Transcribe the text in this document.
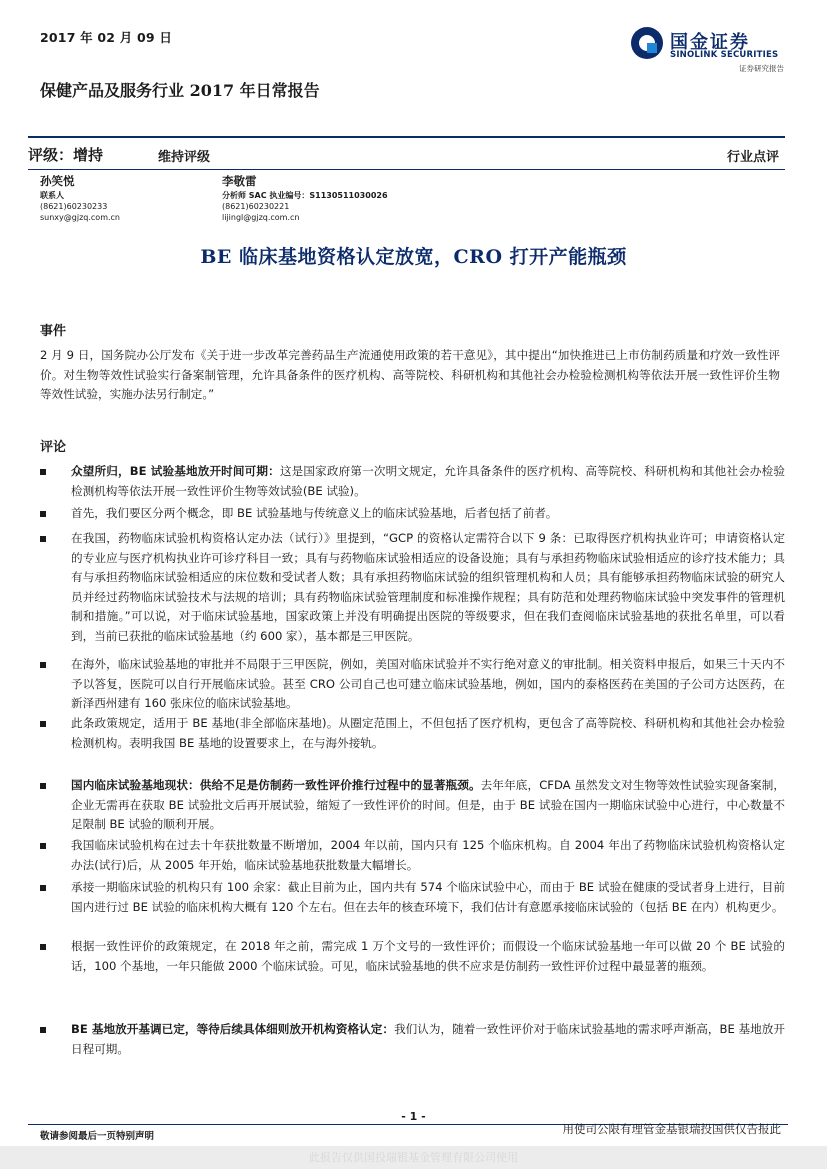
2017 年 02 月 09 日	国金证券
SINOLINK SECURITIES
证券研究报告
保健产品及服务行业 2017 年日常报告
评级：增持	维持评级	行业点评
孙笑悦
联系人
(8621)60230233
sunxy@gjzq.com.cn
李敬雷
分析师 SAC 执业编号：S1130511030026
(8621)60230221
lijingl@gjzq.com.cn
BE 临床基地资格认定放宽，CRO 打开产能瓶颈
事件
2 月 9 日，国务院办公厅发布《关于进一步改革完善药品生产流通使用政策的若干意见》，其中提出“加快推进已上市仿制药质量和疗效一致性评价。对生物等效性试验实行备案制管理，允许具备条件的医疗机构、高等院校、科研机构和其他社会办检验检测机构等依法开展一致性评价生物等效性试验，实施办法另行制定。”
评论
众望所归，BE 试验基地放开时间可期：这是国家政府第一次明文规定，允许具备条件的医疗机构、高等院校、科研机构和其他社会办检验检测机构等依法开展一致性评价生物等效试验(BE 试验)。
首先，我们要区分两个概念，即 BE 试验基地与传统意义上的临床试验基地，后者包括了前者。
在我国，药物临床试验机构资格认定办法（试行）》里提到，“GCP 的资格认定需符合以下 9 条：已取得医疗机构执业许可；申请资格认定的专业应与医疗机构执业许可诊疗科目一致；具有与药物临床试验相适应的设备设施；具有与承担药物临床试验相适应的诊疗技术能力；具有与承担药物临床试验相适应的床位数和受试者人数；具有承担药物临床试验的组织管理机构和人员；具有能够承担药物临床试验的研究人员并经过药物临床试验技术与法规的培训；具有药物临床试验管理制度和标准操作规程；具有防范和处理药物临床试验中突发事件的管理机制和措施。”可以说，对于临床试验基地，国家政策上并没有明确提出医院的等级要求，但在我们查阅临床试验基地的获批名单里，可以看到，当前已获批的临床试验基地（约 600 家），基本都是三甲医院。
在海外，临床试验基地的审批并不局限于三甲医院，例如，美国对临床试验并不实行绝对意义的审批制。相关资料申报后，如果三十天内不予以答复，医院可以自行开展临床试验。甚至 CRO 公司自己也可建立临床试验基地，例如，国内的泰格医药在美国的子公司方达医药，在新泽西州建有 160 张床位的临床试验基地。
此条政策规定，适用于 BE 基地(非全部临床基地)。从圈定范围上，不但包括了医疗机构，更包含了高等院校、科研机构和其他社会办检验检测机构。表明我国 BE 基地的设置要求上，在与海外接轨。
国内临床试验基地现状：供给不足是仿制药一致性评价推行过程中的显著瓶颈。去年年底，CFDA 虽然发文对生物等效性试验实现备案制，企业无需再在获取 BE 试验批文后再开展试验，缩短了一致性评价的时间。但是，由于 BE 试验在国内一期临床试验中心进行，中心数量不足限制 BE 试验的顺利开展。
我国临床试验机构在过去十年获批数量不断增加，2004 年以前，国内只有 125 个临床机构。自 2004 年出了药物临床试验机构资格认定办法(试行)后，从 2005 年开始，临床试验基地获批数量大幅增长。
承接一期临床试验的机构只有 100 余家：截止目前为止，国内共有 574 个临床试验中心，而由于 BE 试验在健康的受试者身上进行，目前国内进行过 BE 试验的临床机构大概有 120 个左右。但在去年的核查环境下，我们估计有意愿承接临床试验的（包括 BE 在内）机构更少。
根据一致性评价的政策规定，在 2018 年之前，需完成 1 万个文号的一致性评价；而假设一个临床试验基地一年可以做 20 个 BE 试验的话，100 个基地，一年只能做 2000 个临床试验。可见，临床试验基地的供不应求是仿制药一致性评价过程中最显著的瓶颈。
BE 基地放开基调已定，等待后续具体细则放开机构资格认定：我们认为，随着一致性评价对于临床试验基地的需求呼声渐高，BE 基地放开日程可期。
- 1 -
敬请参阅最后一页特别声明
用使司公限有理管金基银瑞投国供仅告报此
此报告仅供国投瑞银基金管理有限公司使用
